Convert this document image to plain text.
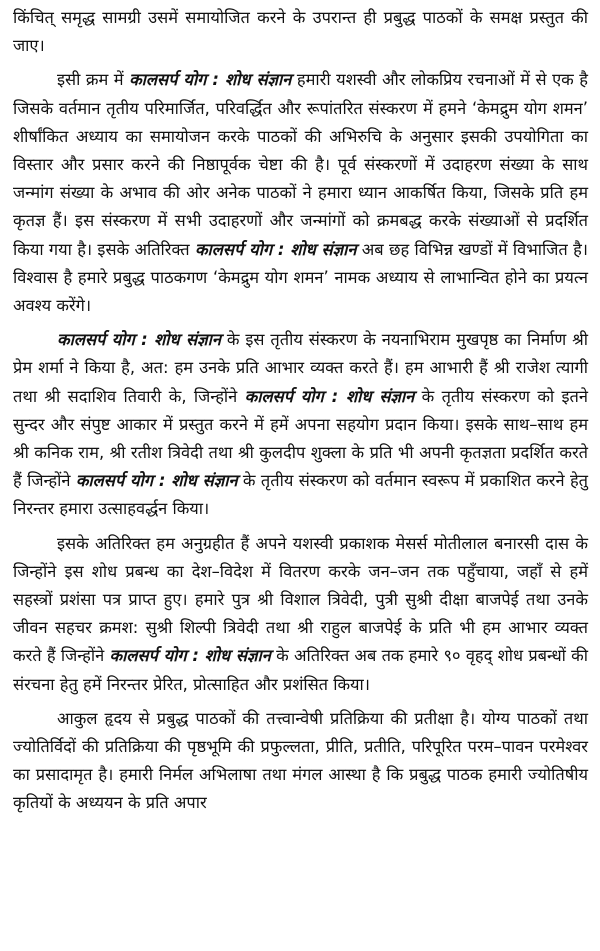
किंचित् समृद्ध सामग्री उसमें समायोजित करने के उपरान्त ही प्रबुद्ध पाठकों के समक्ष प्रस्तुत की जाए।

इसी क्रम में कालसर्प योग : शोध संज्ञान हमारी यशस्वी और लोकप्रिय रचनाओं में से एक है जिसके वर्तमान तृतीय परिमार्जित, परिवर्द्धित और रूपांतरित संस्करण में हमने ‘केमद्रुम योग शमन’ शीर्षांकित अध्याय का समायोजन करके पाठकों की अभिरुचि के अनुसार इसकी उपयोगिता का विस्तार और प्रसार करने की निष्ठापूर्वक चेष्टा की है। पूर्व संस्करणों में उदाहरण संख्या के साथ जन्मांग संख्या के अभाव की ओर अनेक पाठकों ने हमारा ध्यान आकर्षित किया, जिसके प्रति हम कृतज्ञ हैं। इस संस्करण में सभी उदाहरणों और जन्मांगों को क्रमबद्ध करके संख्याओं से प्रदर्शित किया गया है। इसके अतिरिक्त कालसर्प योग : शोध संज्ञान अब छह विभिन्न खण्डों में विभाजित है। विश्वास है हमारे प्रबुद्ध पाठकगण ‘केमद्रुम योग शमन’ नामक अध्याय से लाभान्वित होने का प्रयत्न अवश्य करेंगे।

कालसर्प योग : शोध संज्ञान के इस तृतीय संस्करण के नयनाभिराम मुखपृष्ठ का निर्माण श्री प्रेम शर्मा ने किया है, अत: हम उनके प्रति आभार व्यक्त करते हैं। हम आभारी हैं श्री राजेश त्यागी तथा श्री सदाशिव तिवारी के, जिन्होंने कालसर्प योग : शोध संज्ञान के तृतीय संस्करण को इतने सुन्दर और संपुष्ट आकार में प्रस्तुत करने में हमें अपना सहयोग प्रदान किया। इसके साथ–साथ हम श्री कनिक राम, श्री रतीश त्रिवेदी तथा श्री कुलदीप शुक्ला के प्रति भी अपनी कृतज्ञता प्रदर्शित करते हैं जिन्होंने कालसर्प योग : शोध संज्ञान के तृतीय संस्करण को वर्तमान स्वरूप में प्रकाशित करने हेतु निरन्तर हमारा उत्साहवर्द्धन किया।

इसके अतिरिक्त हम अनुग्रहीत हैं अपने यशस्वी प्रकाशक मेसर्स मोतीलाल बनारसी दास के जिन्होंने इस शोध प्रबन्ध का देश–विदेश में वितरण करके जन–जन तक पहुँचाया, जहाँ से हमें सहस्त्रों प्रशंसा पत्र प्राप्त हुए। हमारे पुत्र श्री विशाल त्रिवेदी, पुत्री सुश्री दीक्षा बाजपेई तथा उनके जीवन सहचर क्रमश: सुश्री शिल्पी त्रिवेदी तथा श्री राहुल बाजपेई के प्रति भी हम आभार व्यक्त करते हैं जिन्होंने कालसर्प योग : शोध संज्ञान के अतिरिक्त अब तक हमारे ९० वृहद् शोध प्रबन्धों की संरचना हेतु हमें निरन्तर प्रेरित, प्रोत्साहित और प्रशंसित किया।

आकुल हृदय से प्रबुद्ध पाठकों की तत्त्वान्वेषी प्रतिक्रिया की प्रतीक्षा है। योग्य पाठकों तथा ज्योतिर्विदों की प्रतिक्रिया की पृष्ठभूमि की प्रफुल्लता, प्रीति, प्रतीति, परिपूरित परम–पावन परमेश्वर का प्रसादामृत है। हमारी निर्मल अभिलाषा तथा मंगल आस्था है कि प्रबुद्ध पाठक हमारी ज्योतिषीय कृतियों के अध्ययन के प्रति अपार
